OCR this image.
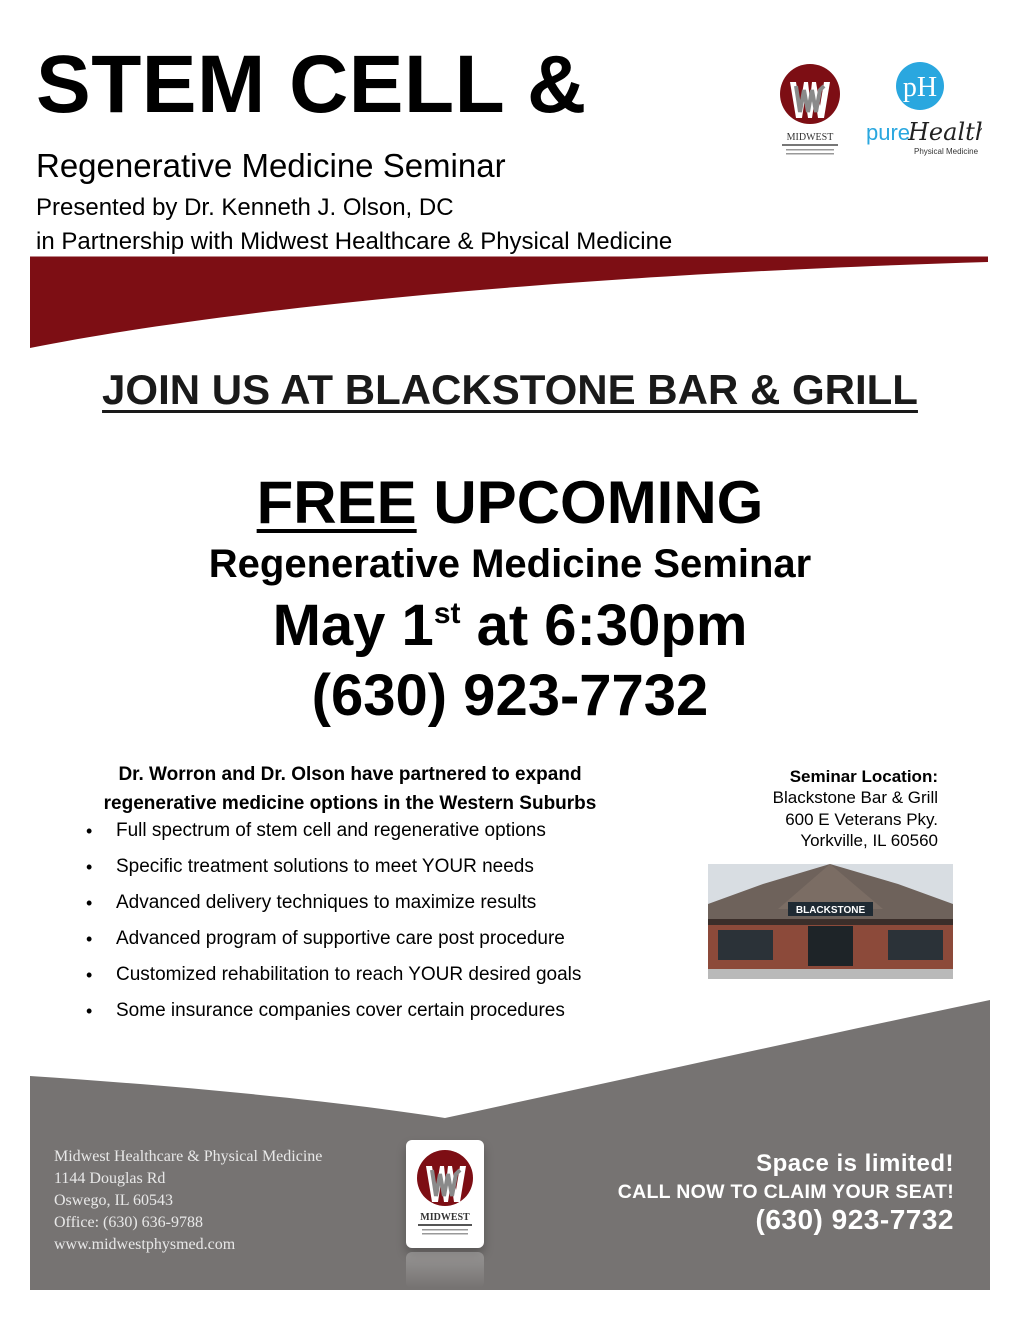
STEM CELL &
Regenerative Medicine Seminar
Presented by Dr. Kenneth J. Olson, DC
in Partnership with Midwest Healthcare & Physical Medicine
MIDWEST
pH
pure
Health
Physical Medicine
JOIN US AT BLACKSTONE BAR & GRILL
FREE UPCOMING
Regenerative Medicine Seminar
May 1st at 6:30pm
(630) 923-7732
Dr. Worron and Dr. Olson have partnered to expand
regenerative medicine options in the Western Suburbs
• Full spectrum of stem cell and regenerative options
• Specific treatment solutions to meet YOUR needs
• Advanced delivery techniques to maximize results
• Advanced program of supportive care post procedure
• Customized rehabilitation to reach YOUR desired goals
• Some insurance companies cover certain procedures
Seminar Location:
Blackstone Bar & Grill
600 E Veterans Pky.
Yorkville, IL 60560
BLACKSTONE
Midwest Healthcare & Physical Medicine
1144 Douglas Rd
Oswego, IL 60543
Office: (630) 636-9788
www.midwestphysmed.com
MIDWEST
Space is limited!
CALL NOW TO CLAIM YOUR SEAT!
(630) 923-7732
